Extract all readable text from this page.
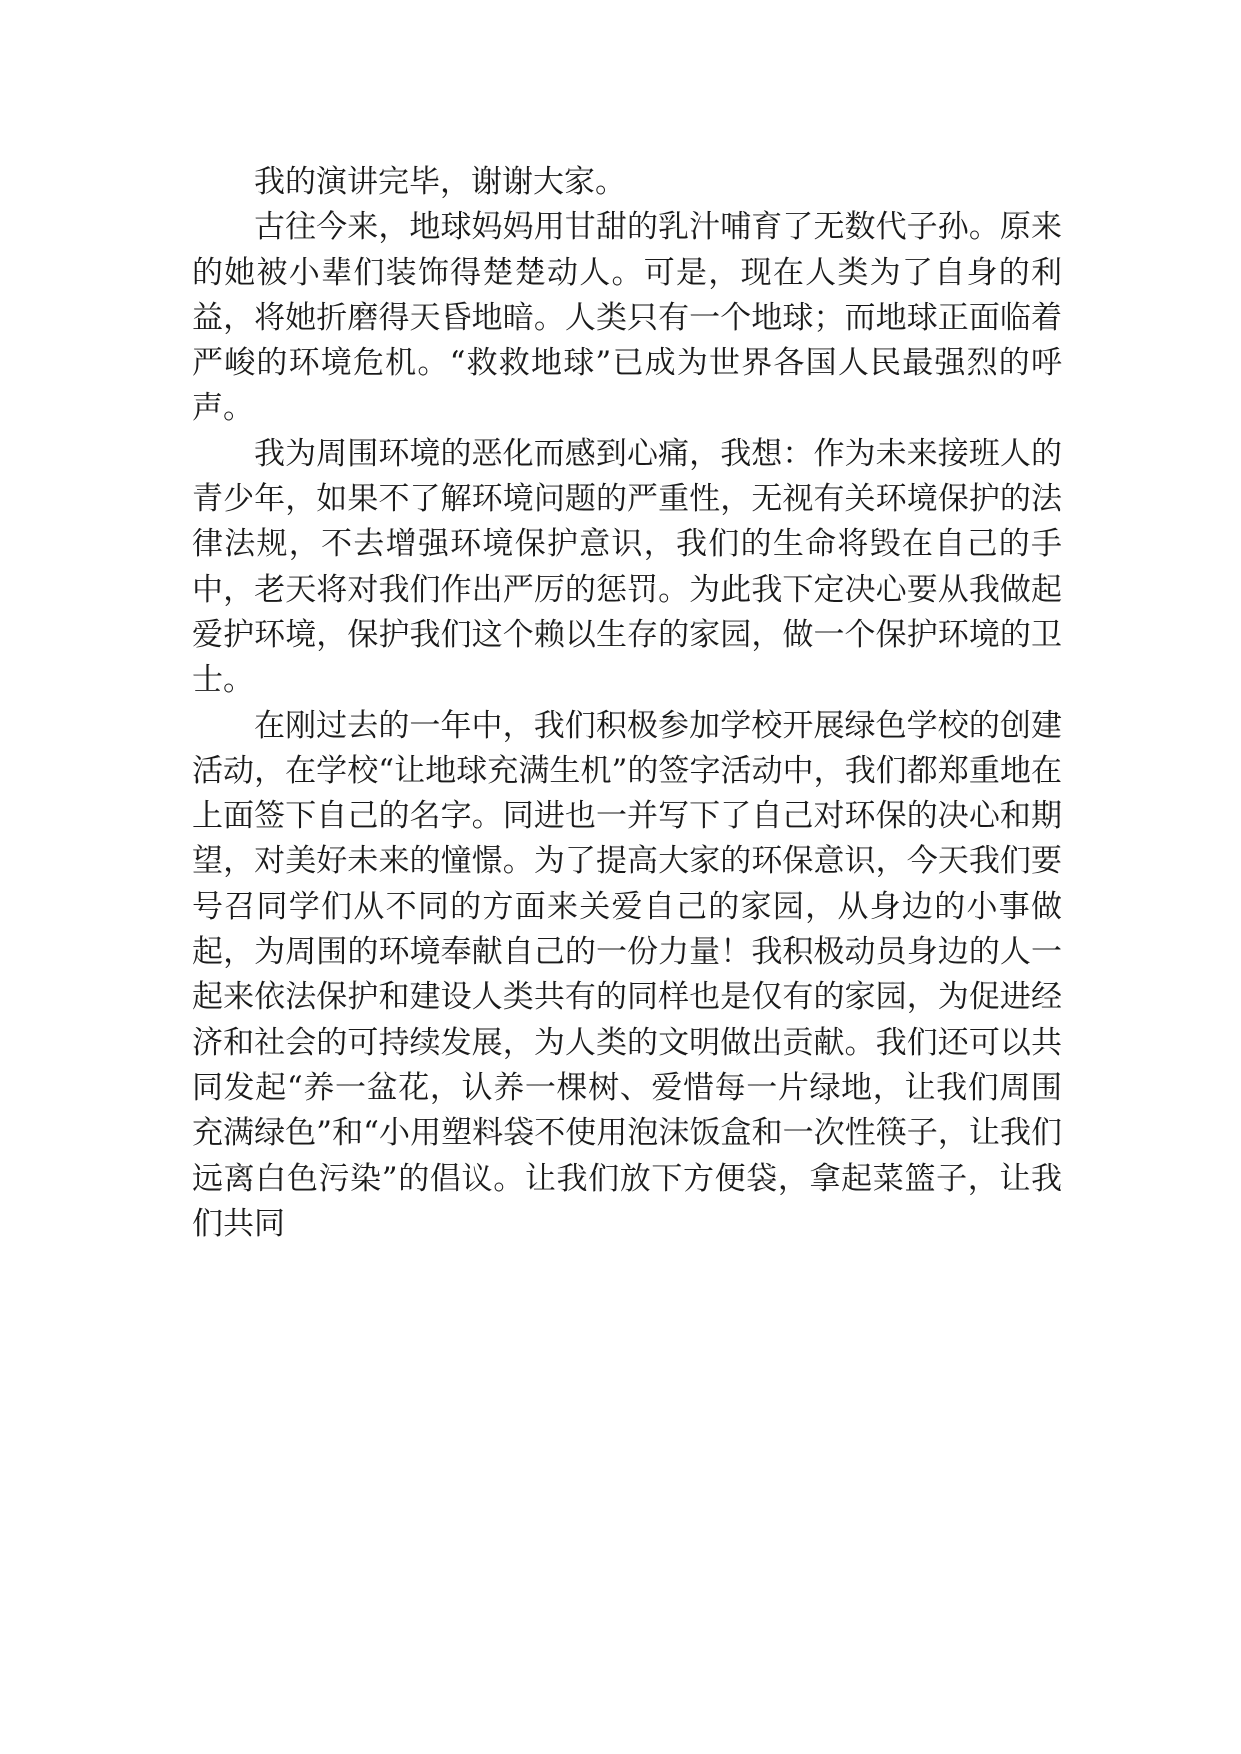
我的演讲完毕，谢谢大家。

古往今来，地球妈妈用甘甜的乳汁哺育了无数代子孙。原来的她被小辈们装饰得楚楚动人。可是，现在人类为了自身的利益，将她折磨得天昏地暗。人类只有一个地球；而地球正面临着严峻的环境危机。“救救地球”已成为世界各国人民最强烈的呼声。

我为周围环境的恶化而感到心痛，我想：作为未来接班人的青少年，如果不了解环境问题的严重性，无视有关环境保护的法律法规，不去增强环境保护意识，我们的生命将毁在自己的手中，老天将对我们作出严厉的惩罚。为此我下定决心要从我做起爱护环境，保护我们这个赖以生存的家园，做一个保护环境的卫士。

在刚过去的一年中，我们积极参加学校开展绿色学校的创建活动，在学校“让地球充满生机”的签字活动中，我们都郑重地在上面签下自己的名字。同进也一并写下了自己对环保的决心和期望，对美好未来的憧憬。为了提高大家的环保意识，今天我们要号召同学们从不同的方面来关爱自己的家园，从身边的小事做起，为周围的环境奉献自己的一份力量！我积极动员身边的人一起来依法保护和建设人类共有的同样也是仅有的家园，为促进经济和社会的可持续发展，为人类的文明做出贡献。我们还可以共同发起“养一盆花，认养一棵树、爱惜每一片绿地，让我们周围充满绿色”和“小用塑料袋不使用泡沫饭盒和一次性筷子，让我们远离白色污染”的倡议。让我们放下方便袋，拿起菜篮子，让我们共同
